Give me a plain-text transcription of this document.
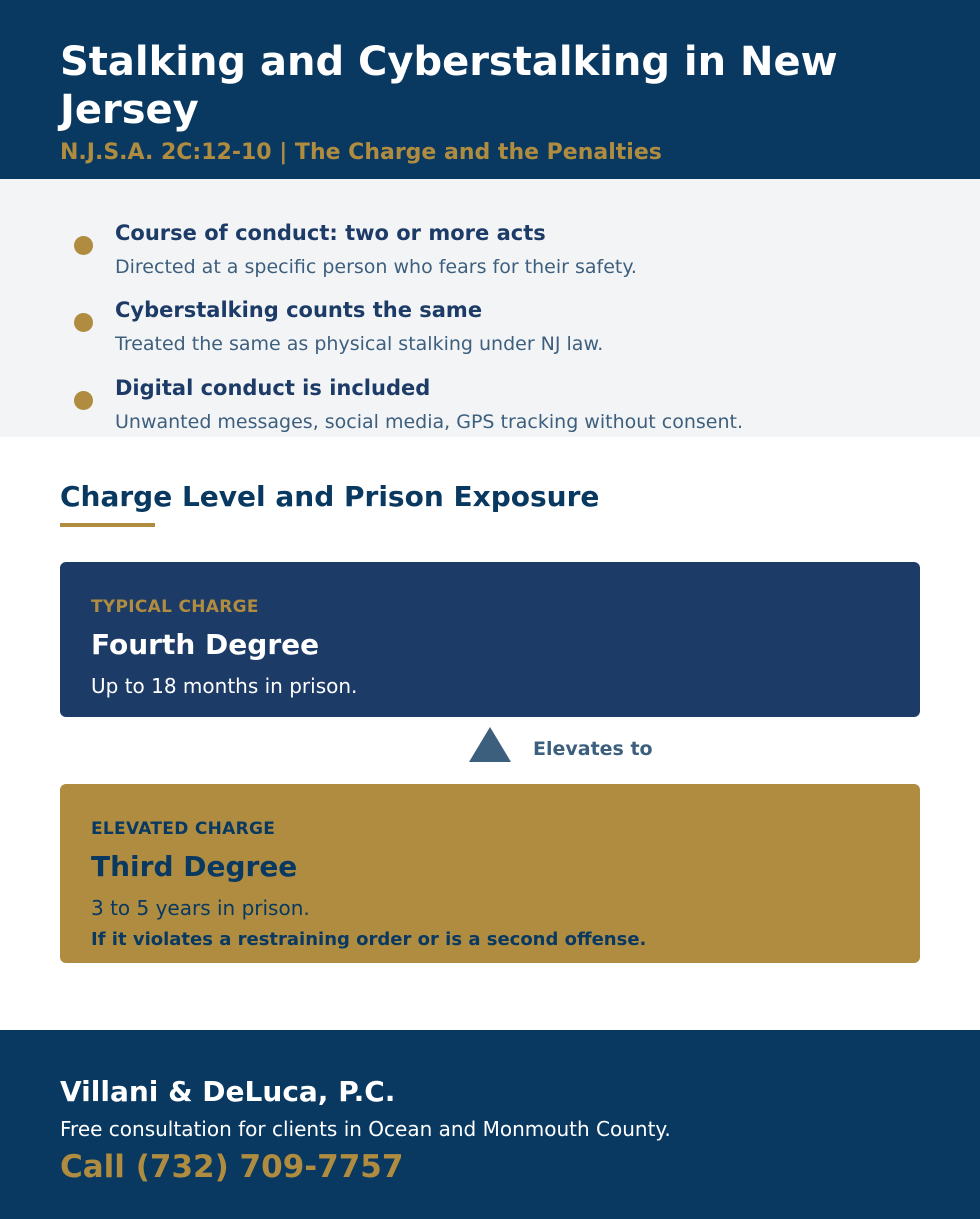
Stalking and Cyberstalking in New Jersey
N.J.S.A. 2C:12-10 | The Charge and the Penalties
Course of conduct: two or more acts
Directed at a specific person who fears for their safety.
Cyberstalking counts the same
Treated the same as physical stalking under NJ law.
Digital conduct is included
Unwanted messages, social media, GPS tracking without consent.
Charge Level and Prison Exposure
TYPICAL CHARGE
Fourth Degree
Up to 18 months in prison.
Elevates to
ELEVATED CHARGE
Third Degree
3 to 5 years in prison.
If it violates a restraining order or is a second offense.
Villani & DeLuca, P.C.
Free consultation for clients in Ocean and Monmouth County.
Call (732) 709-7757
